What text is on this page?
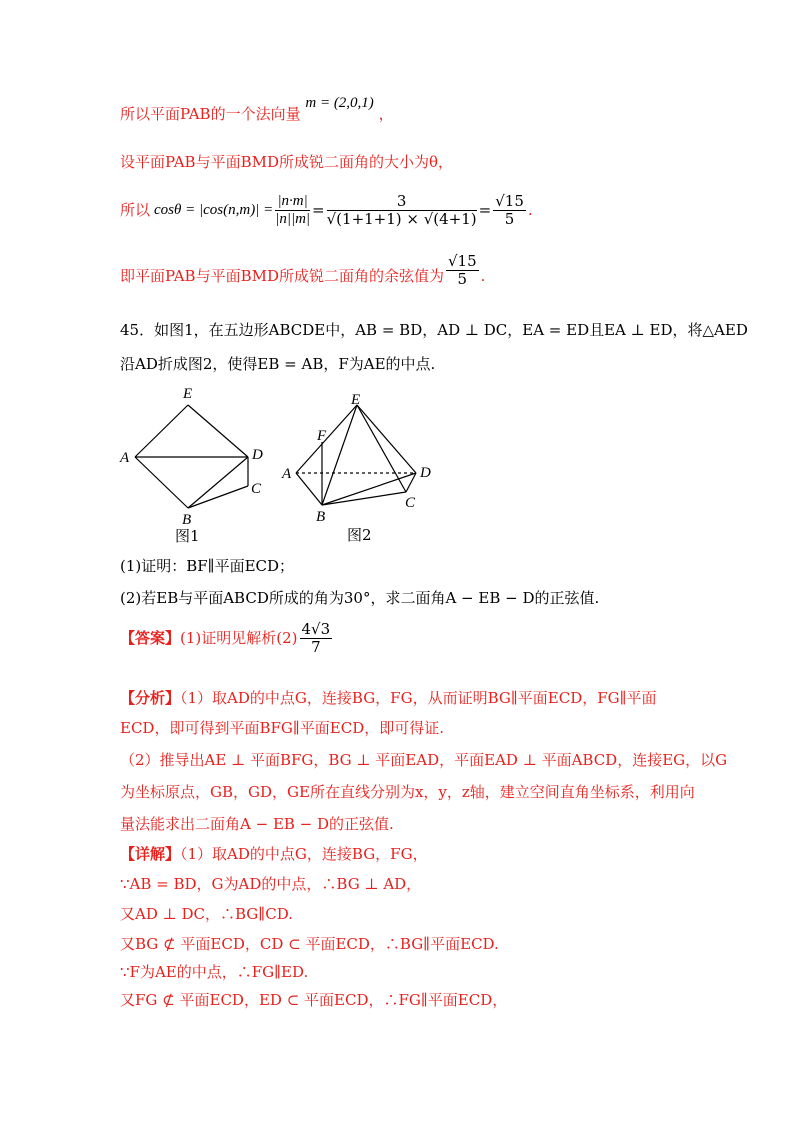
所以平面PAB的一个法向量 m = (2,0,1) ，
设平面PAB与平面BMD所成锐二面角的大小为θ，
所以 $\cos\theta = |\cos(n,m)| = \frac{|n\cdot m|}{|n||m|} = \frac{3}{√(1+1+1) \times √(4+1)} = \frac{√15}{5}$ .
即平面PAB与平面BMD所成锐二面角的余弦值为 $\frac{√15}{5}$ .
45．如图1，在五边形ABCDE中，AB = BD，AD ⊥ DC，EA = ED且EA ⊥ ED，将△AED
沿AD折成图2，使得EB = AB，F为AE的中点.
E
A	D
C
B
图1
E
F
A	D
C
B
图2
(1)证明：BF∥平面ECD；
(2)若EB与平面ABCD所成的角为30°，求二面角A − EB − D的正弦值.
【答案】 (1)证明见解析$(2) \frac{4√3}{7}$
【分析】（1）取AD的中点G，连接BG，FG，从而证明BG∥平面ECD，FG∥平面
ECD，即可得到平面BFG∥平面ECD，即可得证.
（2）推导出AE ⊥ 平面BFG，BG ⊥ 平面EAD，平面EAD ⊥ 平面ABCD，连接EG，以G
为坐标原点，GB，GD，GE所在直线分别为x，y，z轴，建立空间直角坐标系，利用向
量法能求出二面角A − EB − D的正弦值.
【详解】（1）取AD的中点G，连接BG，FG，
∵AB = BD，G为AD的中点，∴BG ⊥ AD，
又AD ⊥ DC，∴BG∥CD.
又BG ⊄ 平面ECD，CD ⊂ 平面ECD，∴BG∥平面ECD.
∵F为AE的中点，∴FG∥ED.
又FG ⊄ 平面ECD，ED ⊂ 平面ECD，∴FG∥平面ECD，
